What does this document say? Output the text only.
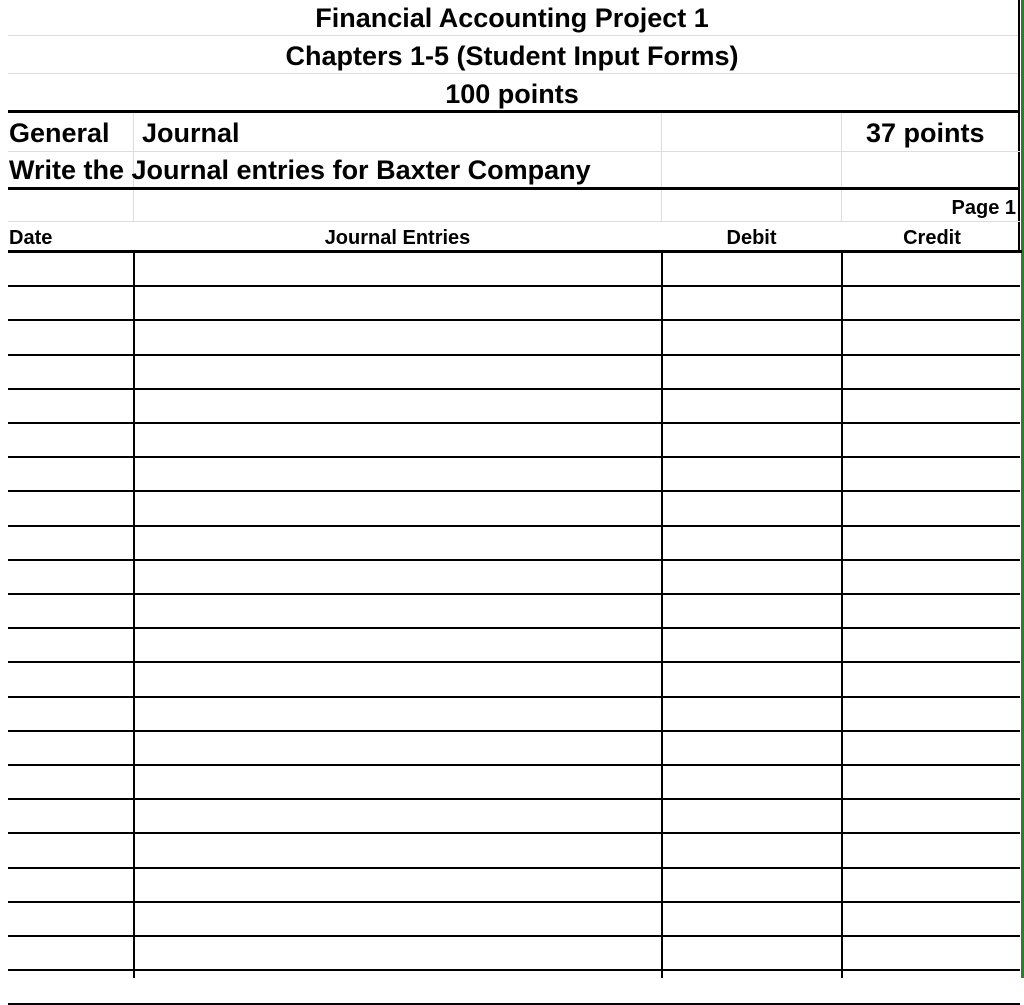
Financial Accounting Project 1
Chapters 1-5 (Student Input Forms)
100 points
General Journal	37 points
Write the Journal entries for Baxter Company
Page 1
Date	Journal Entries	Debit	Credit
